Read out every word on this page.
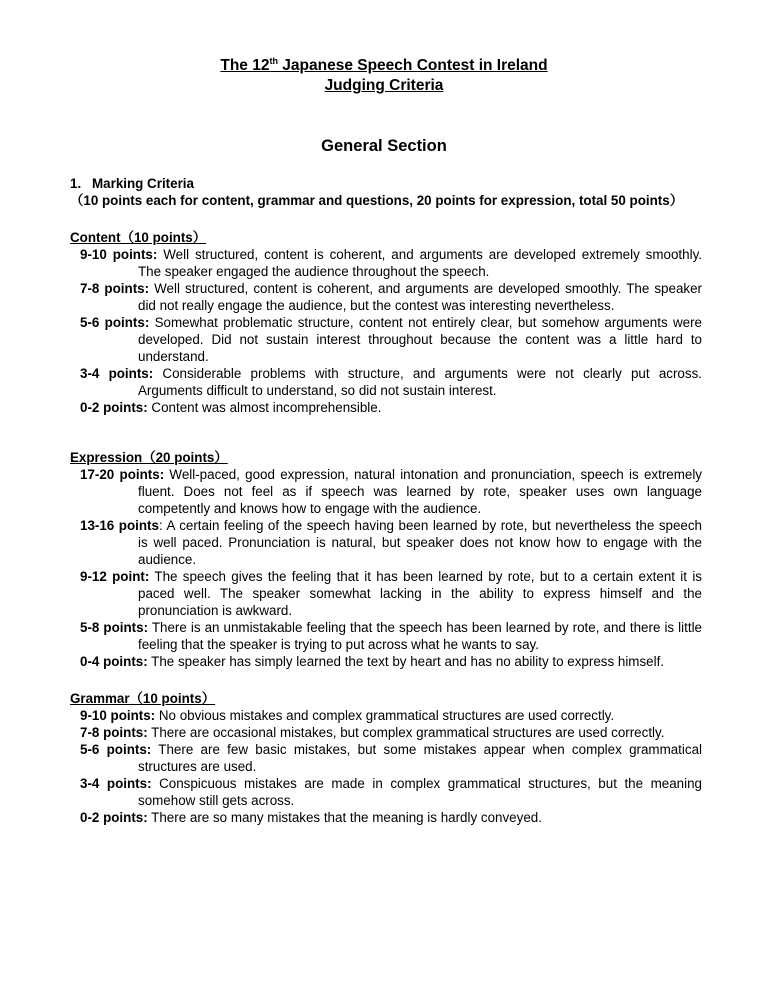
The 12th Japanese Speech Contest in Ireland
Judging Criteria
General Section
1. Marking Criteria
（10 points each for content, grammar and questions, 20 points for expression, total 50 points）
Content（10 points）
9-10 points: Well structured, content is coherent, and arguments are developed extremely smoothly. The speaker engaged the audience throughout the speech.
7-8 points: Well structured, content is coherent, and arguments are developed smoothly. The speaker did not really engage the audience, but the contest was interesting nevertheless.
5-6 points: Somewhat problematic structure, content not entirely clear, but somehow arguments were developed. Did not sustain interest throughout because the content was a little hard to understand.
3-4 points: Considerable problems with structure, and arguments were not clearly put across. Arguments difficult to understand, so did not sustain interest.
0-2 points: Content was almost incomprehensible.
Expression（20 points）
17-20 points: Well-paced, good expression, natural intonation and pronunciation, speech is extremely fluent. Does not feel as if speech was learned by rote, speaker uses own language competently and knows how to engage with the audience.
13-16 points: A certain feeling of the speech having been learned by rote, but nevertheless the speech is well paced. Pronunciation is natural, but speaker does not know how to engage with the audience.
9-12 point: The speech gives the feeling that it has been learned by rote, but to a certain extent it is paced well. The speaker somewhat lacking in the ability to express himself and the pronunciation is awkward.
5-8 points: There is an unmistakable feeling that the speech has been learned by rote, and there is little feeling that the speaker is trying to put across what he wants to say.
0-4 points: The speaker has simply learned the text by heart and has no ability to express himself.
Grammar（10 points）
9-10 points: No obvious mistakes and complex grammatical structures are used correctly.
7-8 points: There are occasional mistakes, but complex grammatical structures are used correctly.
5-6 points: There are few basic mistakes, but some mistakes appear when complex grammatical structures are used.
3-4 points: Conspicuous mistakes are made in complex grammatical structures, but the meaning somehow still gets across.
0-2 points: There are so many mistakes that the meaning is hardly conveyed.
